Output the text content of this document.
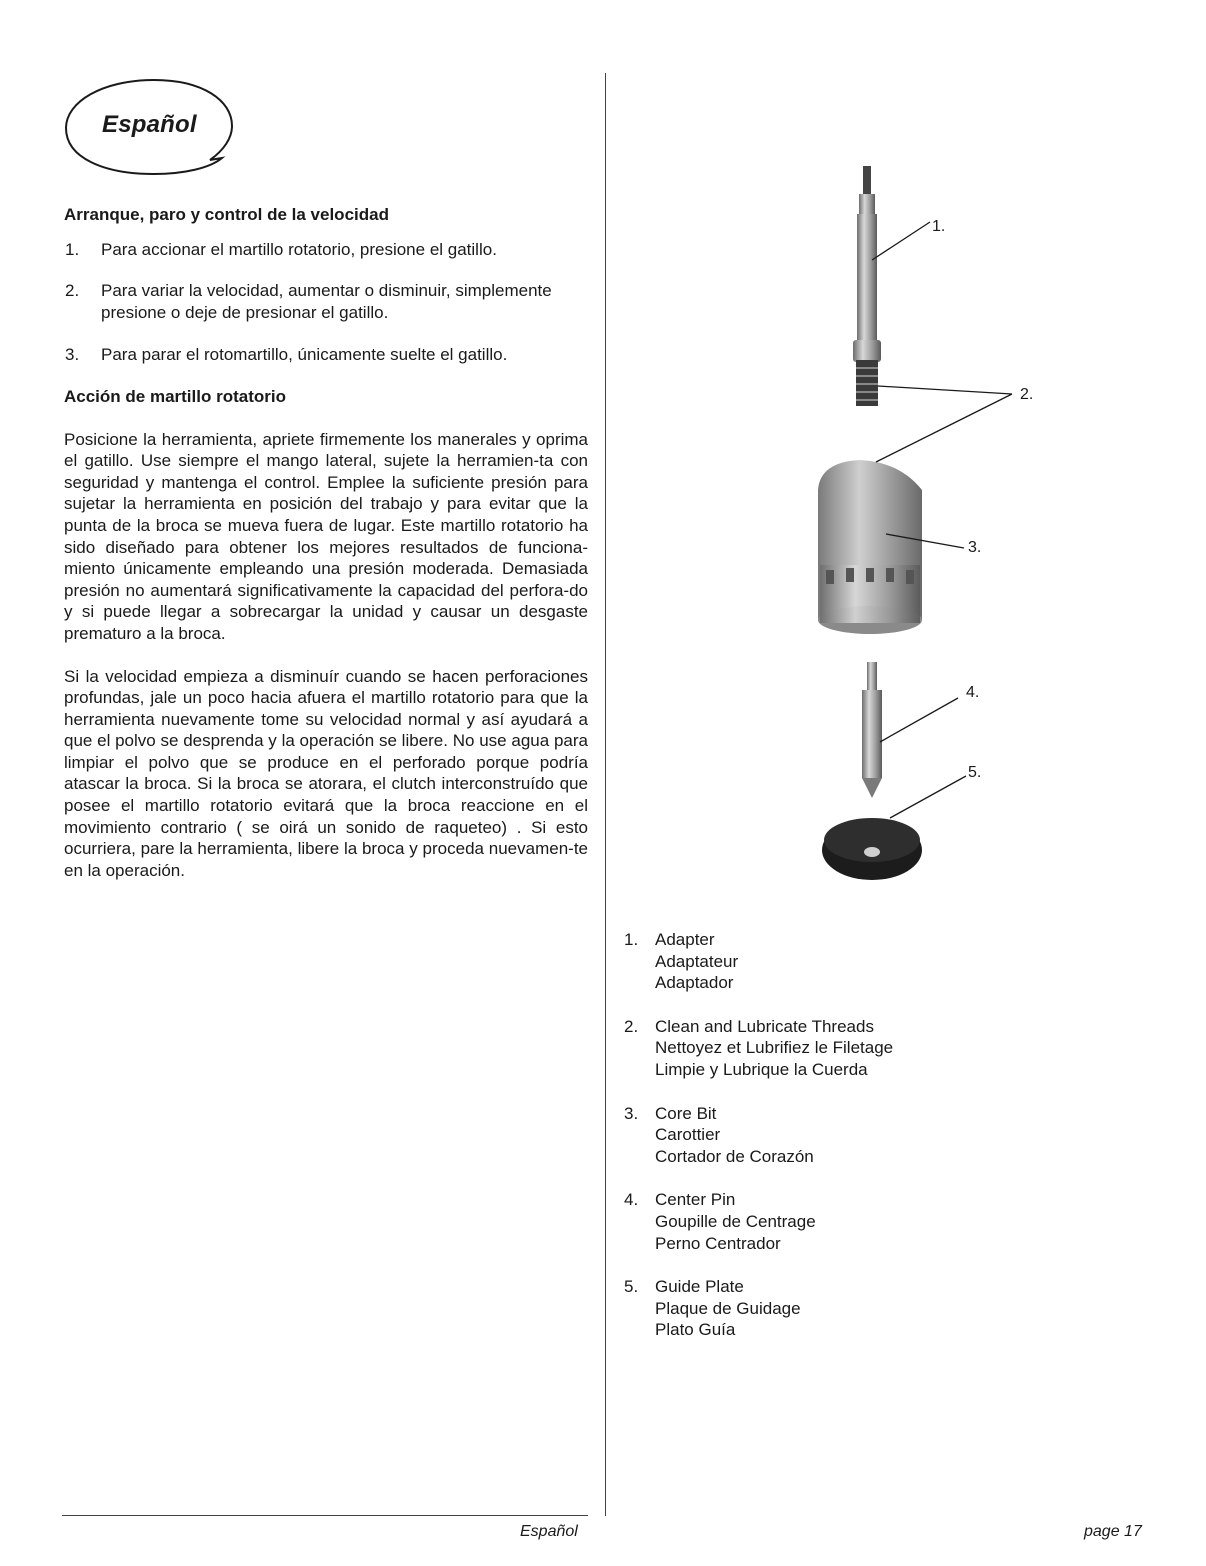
Español

Arranque, paro y control de la velocidad

1. Para accionar el martillo rotatorio, presione el gatillo.
2. Para variar la velocidad, aumentar o disminuir, simplemente presione o deje de presionar el gatillo.
3. Para parar el rotomartillo, únicamente suelte el gatillo.

Acción de martillo rotatorio

Posicione la herramienta, apriete firmemente los manerales y oprima el gatillo. Use siempre el mango lateral, sujete la herramien-ta con seguridad y mantenga el control. Emplee la suficiente presión para sujetar la herramienta en posición del trabajo y para evitar que la punta de la broca se mueva fuera de lugar. Este martillo rotatorio ha sido diseñado para obtener los mejores resultados de funciona-miento únicamente empleando una presión moderada. Demasiada presión no aumentará significativamente la capacidad del perfora-do y si puede llegar a sobrecargar la unidad y causar un desgaste prematuro a la broca.

Si la velocidad empieza a disminuír cuando se hacen perforaciones profundas, jale un poco hacia afuera el martillo rotatorio para que la herramienta nuevamente tome su velocidad normal y así ayudará a que el polvo se desprenda y la operación se libere. No use agua para limpiar el polvo que se produce en el perforado porque podría atascar la broca. Si la broca se atorara, el clutch interconstruído que posee el martillo rotatorio evitará que la broca reaccione en el movimiento contrario ( se oirá un sonido de raqueteo) . Si esto ocurriera, pare la herramienta, libere la broca y proceda nuevamen-te en la operación.

1.
2.
3.
4.
5.
1. Adapter
Adaptateur
Adaptador
2. Clean and Lubricate Threads
Nettoyez et Lubrifiez le Filetage
Limpie y Lubrique la Cuerda
3. Core Bit
Carottier
Cortador de Corazón
4. Center Pin
Goupille de Centrage
Perno Centrador
5. Guide Plate
Plaque de Guidage
Plato Guía
Español	page 17
